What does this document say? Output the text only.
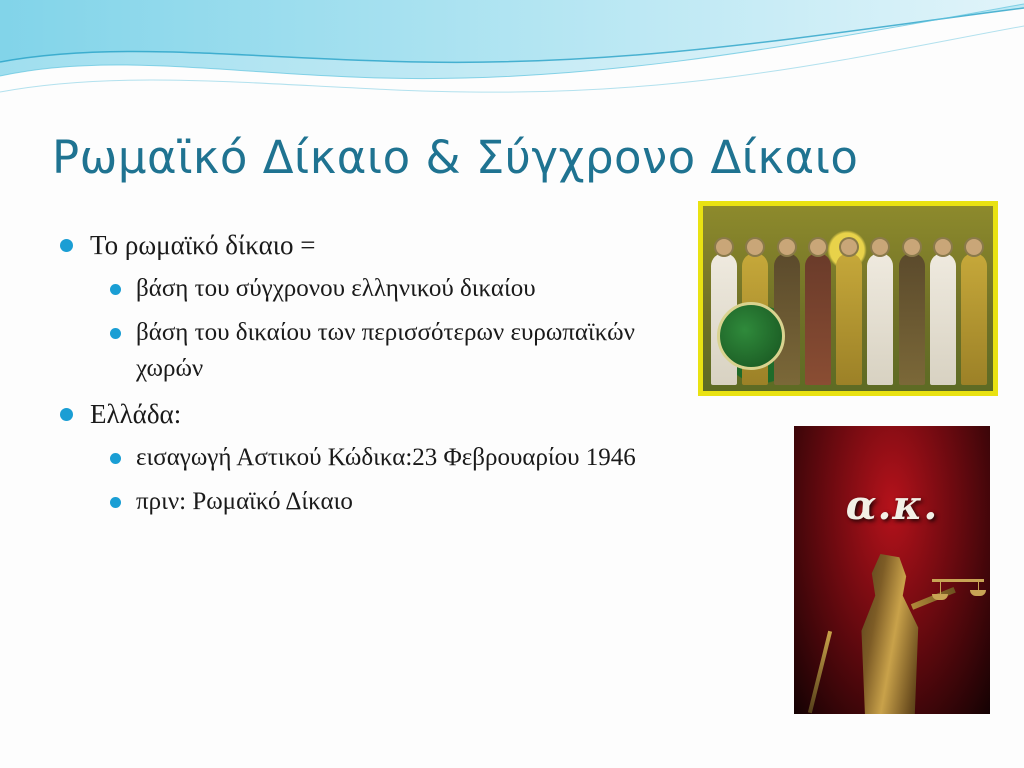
Ρωμαϊκό Δίκαιο & Σύγχρονο Δίκαιο
Το ρωμαϊκό δίκαιο =
βάση του σύγχρονου ελληνικού δικαίου
βάση του δικαίου των περισσότερων ευρωπαϊκών χωρών
Ελλάδα:
εισαγωγή Αστικού Κώδικα:23 Φεβρουαρίου 1946
πριν: Ρωμαϊκό Δίκαιο	α.κ.
